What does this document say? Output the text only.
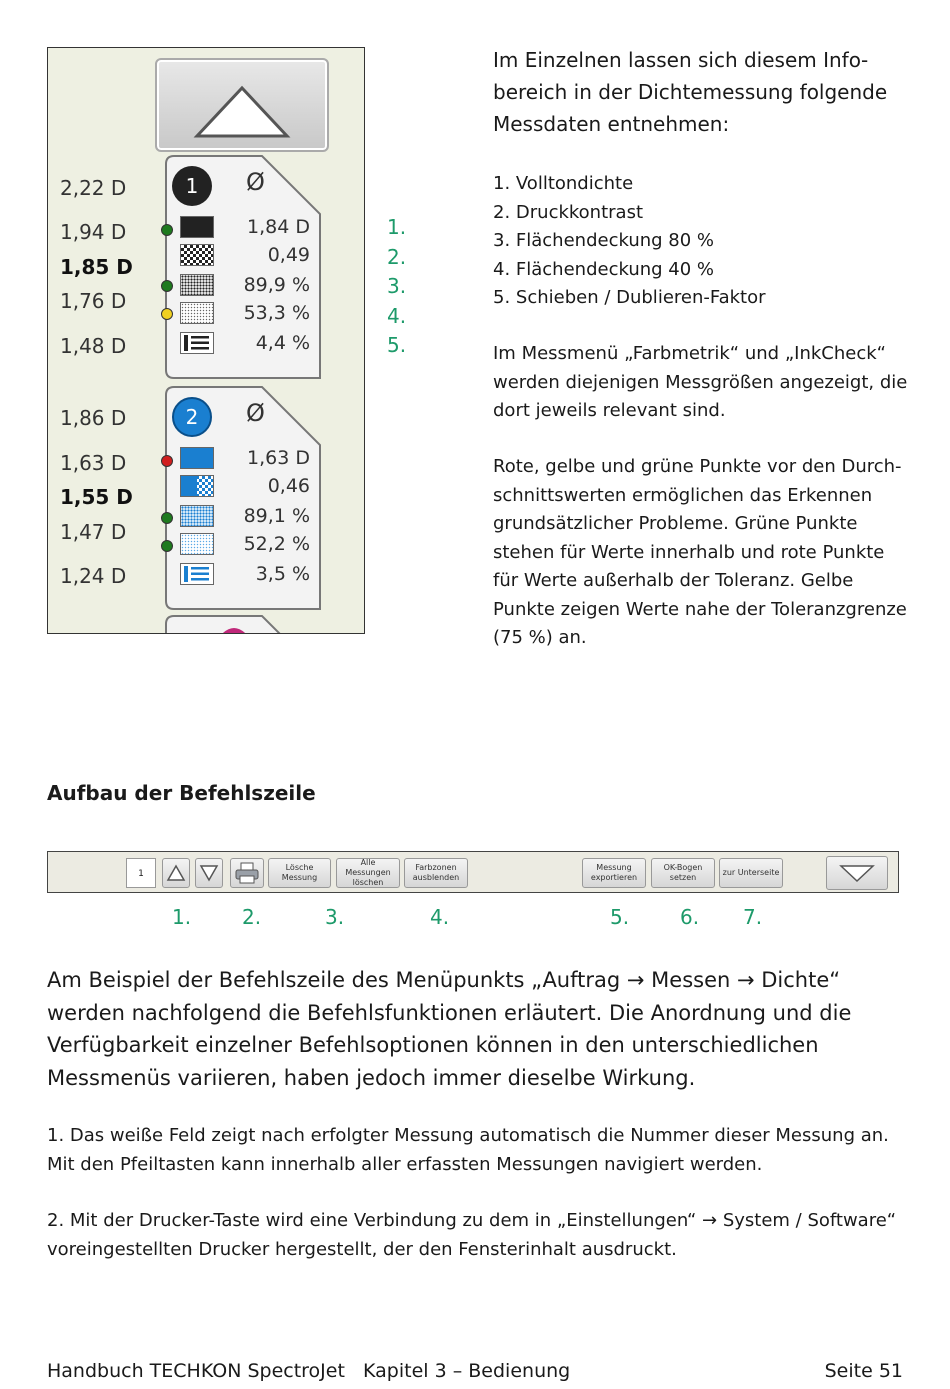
1	Ø
1,84 D
0,49
89,9 %
53,3 %
4,4 %
2,22 D
1,94 D
1,85 D
1,76 D
1,48 D
2	Ø
1,63 D
0,46
89,1 %
52,2 %
3,5 %
1,86 D
1,63 D
1,55 D
1,47 D
1,24 D
1.
2.
3.
4.
5.
Im Einzelnen lassen sich diesem Infobereich in der Dichtemessung folgende Messdaten entnehmen:
1. Volltondichte
2. Druckkontrast
3. Flächendeckung 80 %
4. Flächendeckung 40 %
5. Schieben / Dublieren-Faktor
Im Messmenü „Farbmetrik“ und „InkCheck“ werden diejenigen Messgrößen angezeigt, die dort jeweils relevant sind.
Rote, gelbe und grüne Punkte vor den Durchschnittswerten ermöglichen das Erkennen grundsätzlicher Probleme. Grüne Punkte stehen für Werte innerhalb und rote Punkte für Werte außerhalb der Toleranz. Gelbe Punkte zeigen Werte nahe der Toleranzgrenze (75 %) an.
Aufbau der Befehlszeile
1
Lösche Messung
Alle Messungen löschen
Farbzonen ausblenden
Messung exportieren
OK-Bogen setzen
zur Unterseite
1.	2.	3.	4.	5.	6. 7.
Am Beispiel der Befehlszeile des Menüpunkts „Auftrag → Messen → Dichte“ werden nachfolgend die Befehlsfunktionen erläutert. Die Anordnung und die Verfügbarkeit einzelner Befehlsoptionen können in den unterschiedlichen Messmenüs variieren, haben jedoch immer dieselbe Wirkung.
1. Das weiße Feld zeigt nach erfolgter Messung automatisch die Nummer dieser Messung an. Mit den Pfeiltasten kann innerhalb aller erfassten Messungen navigiert werden.
2. Mit der Drucker-Taste wird eine Verbindung zu dem in „Einstellungen“ → System / Software“ voreingestellten Drucker hergestellt, der den Fensterinhalt ausdruckt.
Handbuch TECHKON SpectroJet   Kapitel 3 – Bedienung	Seite 51
